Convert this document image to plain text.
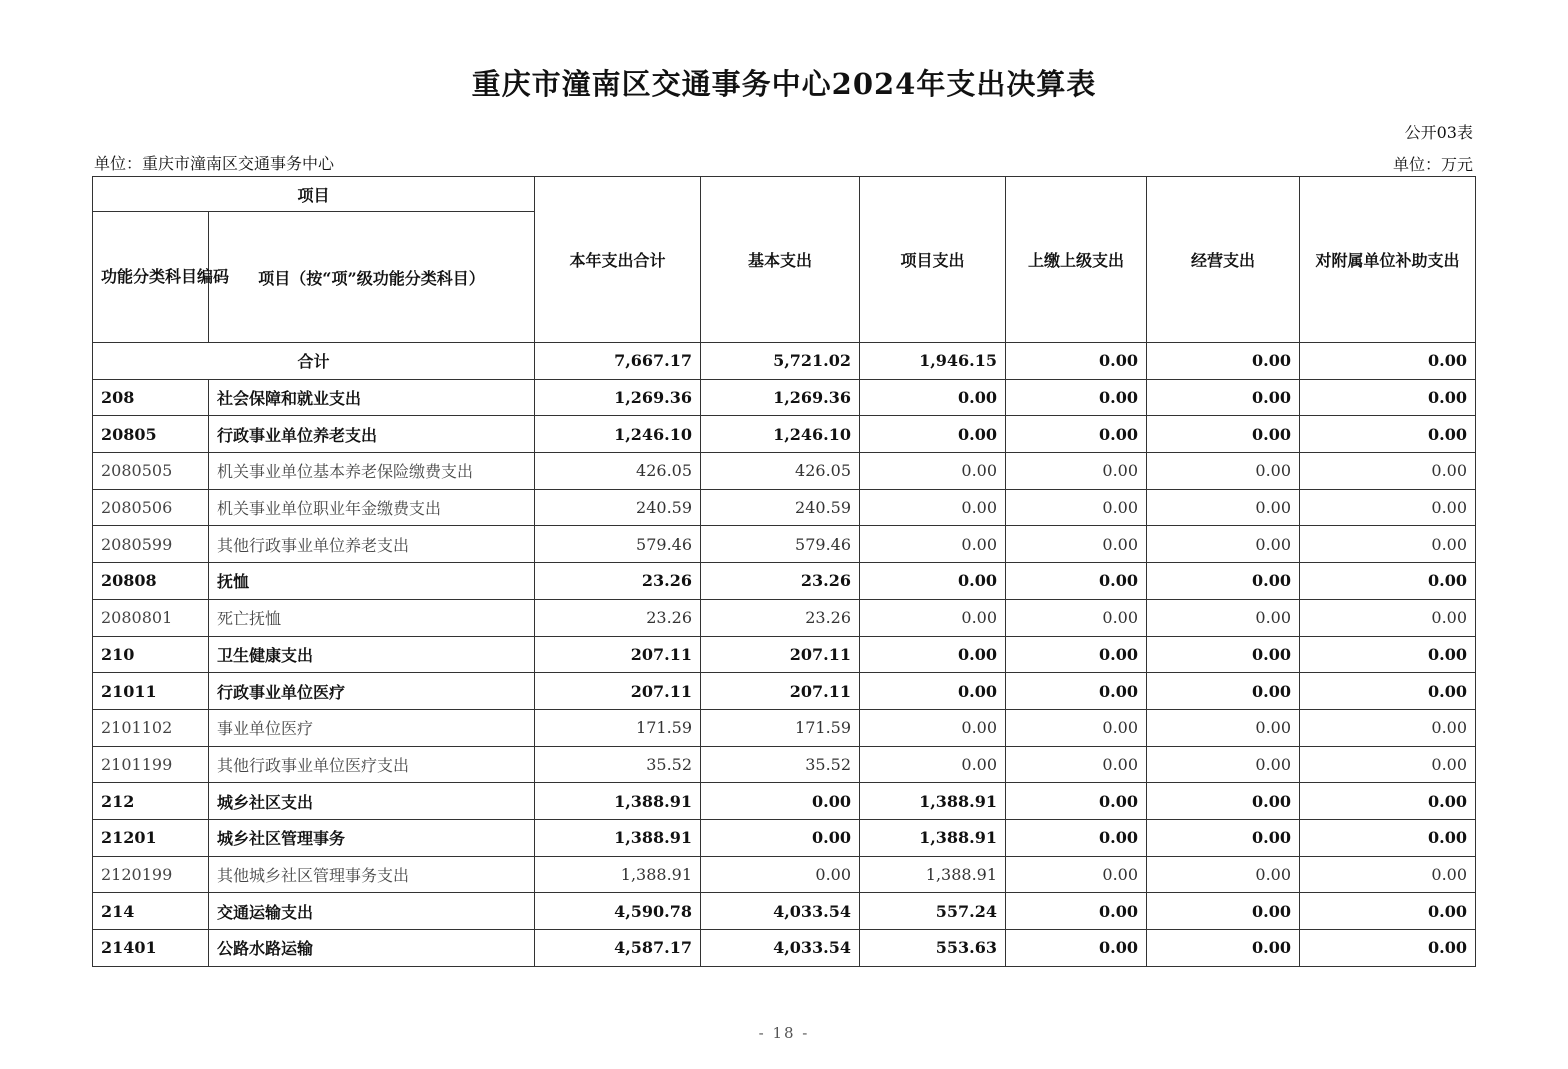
重庆市潼南区交通事务中心2024年支出决算表
公开03表
单位：重庆市潼南区交通事务中心	单位：万元
项目		本年支出合计	基本支出	项目支出	上缴上级支出	经营支出	对附属单位补助支出
功能分类科目编码	项目（按“项”级功能分类科目）						
合计		7,667.17	5,721.02	1,946.15	0.00	0.00	0.00
208	社会保障和就业支出	1,269.36	1,269.36	0.00	0.00	0.00	0.00
20805	行政事业单位养老支出	1,246.10	1,246.10	0.00	0.00	0.00	0.00
2080505	机关事业单位基本养老保险缴费支出	426.05	426.05	0.00	0.00	0.00	0.00
2080506	机关事业单位职业年金缴费支出	240.59	240.59	0.00	0.00	0.00	0.00
2080599	其他行政事业单位养老支出	579.46	579.46	0.00	0.00	0.00	0.00
20808	抚恤	23.26	23.26	0.00	0.00	0.00	0.00
2080801	死亡抚恤	23.26	23.26	0.00	0.00	0.00	0.00
210	卫生健康支出	207.11	207.11	0.00	0.00	0.00	0.00
21011	行政事业单位医疗	207.11	207.11	0.00	0.00	0.00	0.00
2101102	事业单位医疗	171.59	171.59	0.00	0.00	0.00	0.00
2101199	其他行政事业单位医疗支出	35.52	35.52	0.00	0.00	0.00	0.00
212	城乡社区支出	1,388.91	0.00	1,388.91	0.00	0.00	0.00
21201	城乡社区管理事务	1,388.91	0.00	1,388.91	0.00	0.00	0.00
2120199	其他城乡社区管理事务支出	1,388.91	0.00	1,388.91	0.00	0.00	0.00
214	交通运输支出	4,590.78	4,033.54	557.24	0.00	0.00	0.00
21401	公路水路运输	4,587.17	4,033.54	553.63	0.00	0.00	0.00
- 18 -
